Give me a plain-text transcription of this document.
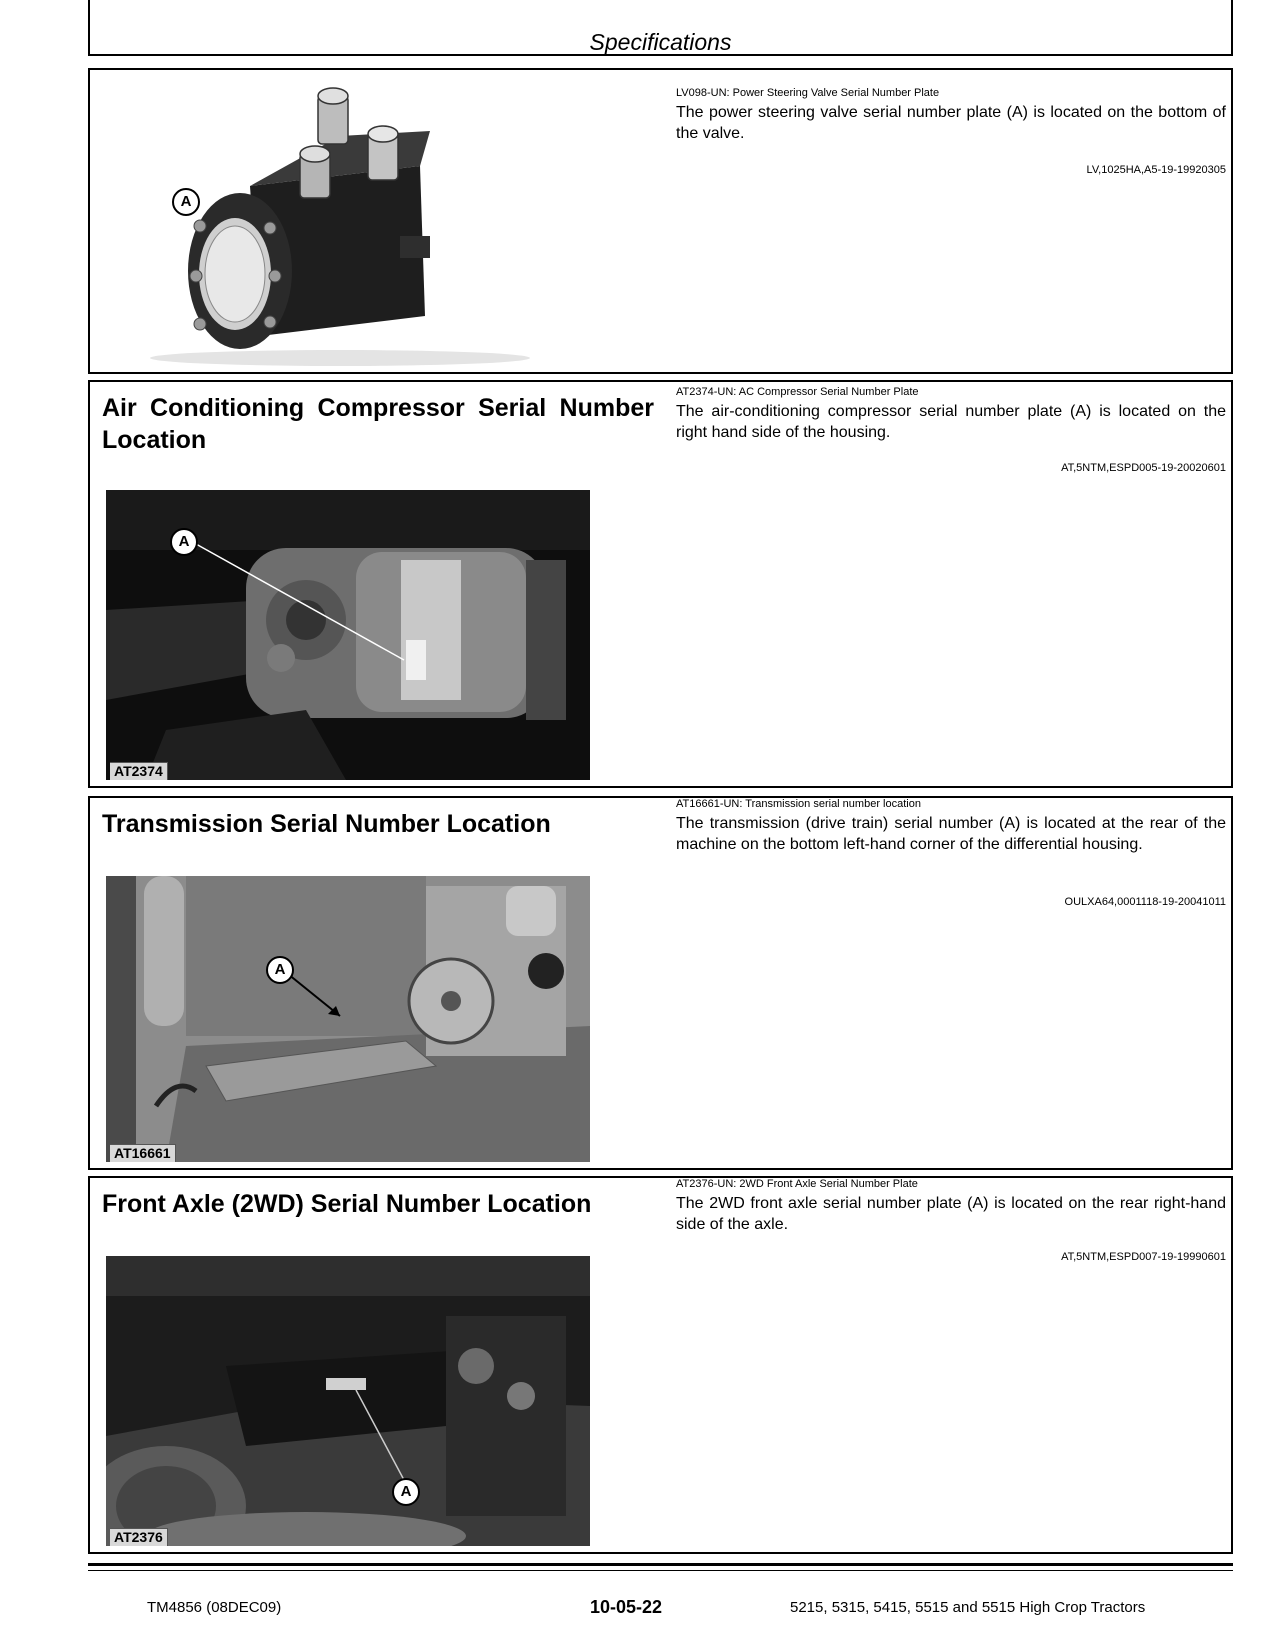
Specifications
A
LV098-UN: Power Steering Valve Serial Number Plate
The power steering valve serial number plate (A) is located on the bottom of the valve.
LV,1025HA,A5-19-19920305
Air Conditioning Compressor Serial Number Location
A
AT2374
AT2374-UN: AC Compressor Serial Number Plate
The air-conditioning compressor serial number plate (A) is located on the right hand side of the housing.
AT,5NTM,ESPD005-19-20020601
Transmission Serial Number Location
A
AT16661
AT16661-UN: Transmission serial number location
The transmission (drive train) serial number (A) is located at the rear of the machine on the bottom left-hand corner of the differential housing.
OULXA64,0001118-19-20041011
Front Axle (2WD) Serial Number Location
A
AT2376
AT2376-UN: 2WD Front Axle Serial Number Plate
The 2WD front axle serial number plate (A) is located on the rear right-hand side of the axle.
AT,5NTM,ESPD007-19-19990601
TM4856 (08DEC09)	10-05-22	5215, 5315, 5415, 5515 and 5515 High Crop Tractors
